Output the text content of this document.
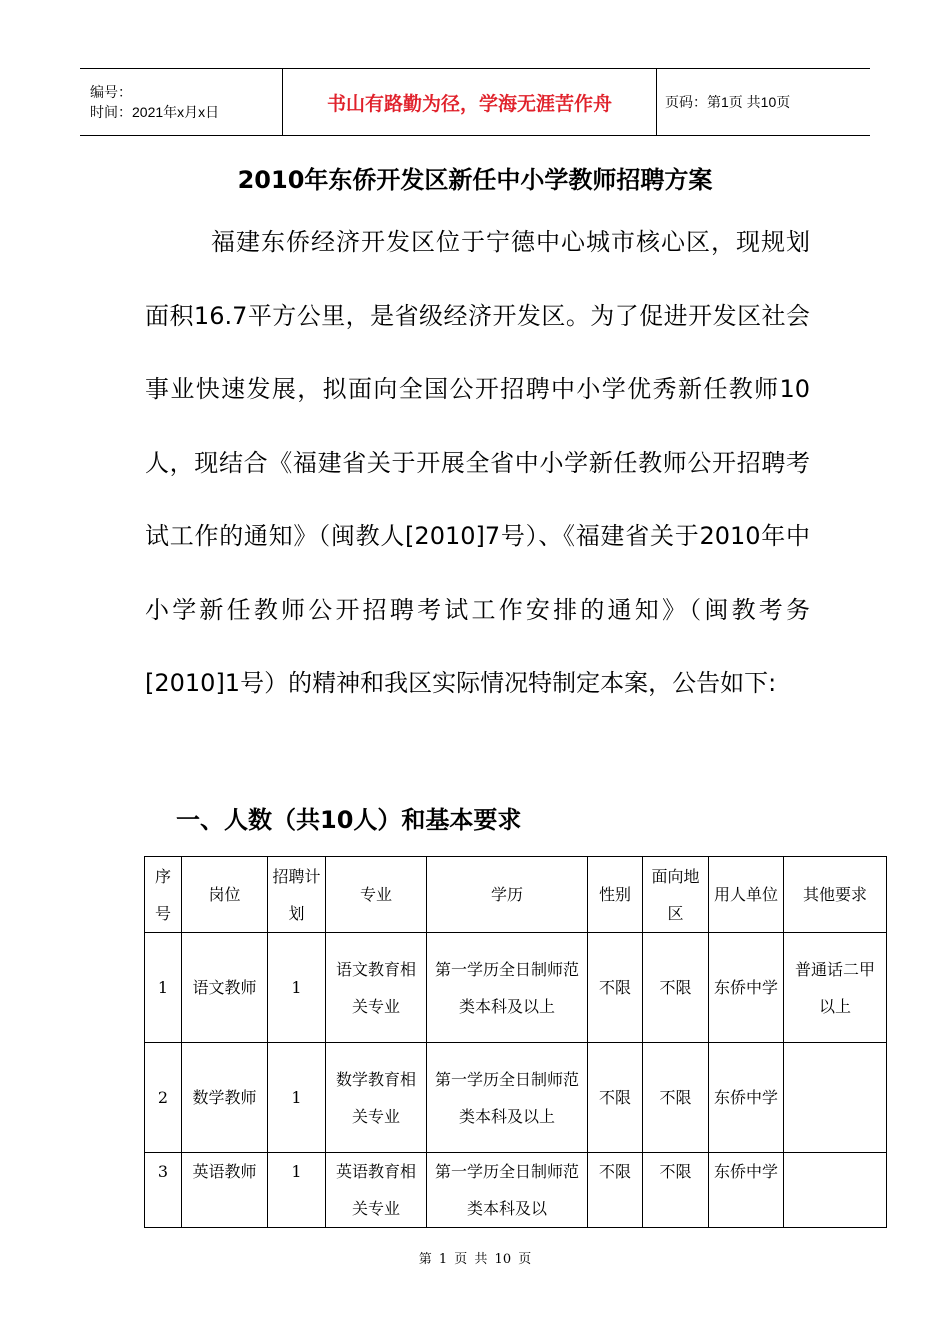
编号：
时间：2021年x月x日	书山有路勤为径，学海无涯苦作舟	页码：第1页 共10页
2010年东侨开发区新任中小学教师招聘方案

福建东侨经济开发区位于宁德中心城市核心区，现规划面积16.7平方公里，是省级经济开发区。为了促进开发区社会事业快速发展，拟面向全国公开招聘中小学优秀新任教师10人，现结合《福建省关于开展全省中小学新任教师公开招聘考试工作的通知》（闽教人[2010]7号）、《福建省关于2010年中小学新任教师公开招聘考试工作安排的通知》（闽教考务[2010]1号）的精神和我区实际情况特制定本案，公告如下:

一、人数（共10人）和基本要求
序号	岗位	招聘计划	专业	学历	性别	面向地区	用人单位	其他要求
1	语文教师	1	语文教育相关专业	第一学历全日制师范类本科及以上	不限	不限	东侨中学	普通话二甲以上
2	数学教师	1	数学教育相关专业	第一学历全日制师范类本科及以上	不限	不限	东侨中学	
3	英语教师	1	英语教育相关专业	第一学历全日制师范类本科及以	不限	不限	东侨中学	
第 1 页 共 10 页
